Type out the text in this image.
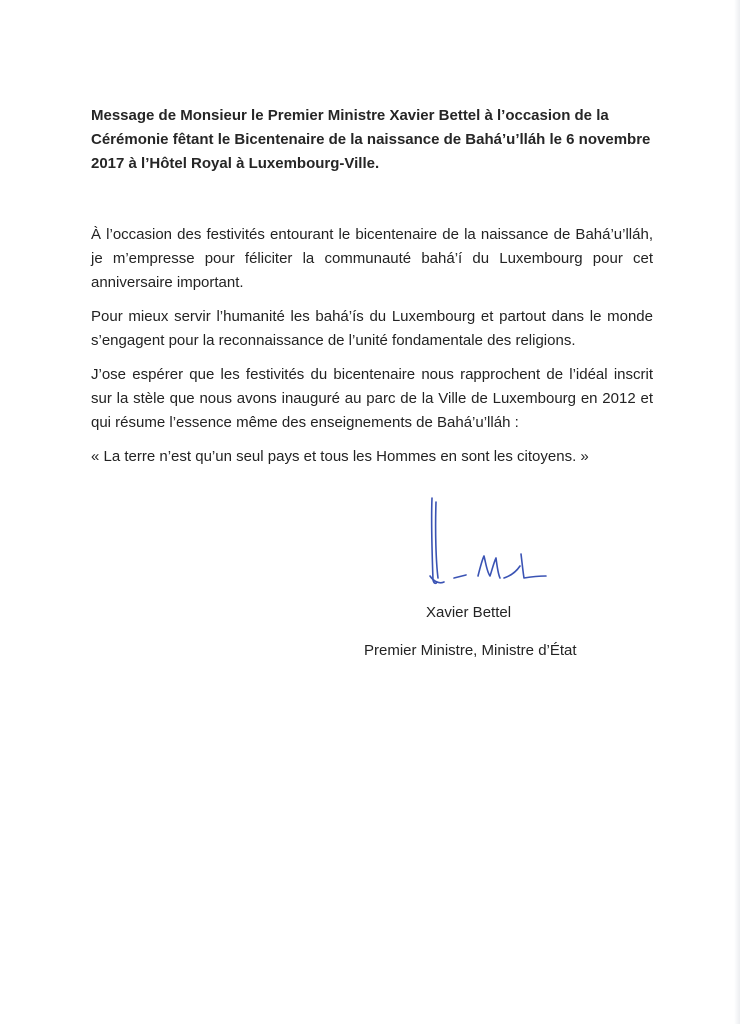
Message de Monsieur le Premier Ministre Xavier Bettel à l’occasion de la Cérémonie fêtant le Bicentenaire de la naissance de Bahá’u’lláh le 6 novembre 2017 à l’Hôtel Royal à Luxembourg-Ville.

À l’occasion des festivités entourant le bicentenaire de la naissance de Bahá’u’lláh, je m’empresse pour féliciter la communauté bahá’í du Luxembourg pour cet anniversaire important.

Pour mieux servir l’humanité les bahá’ís du Luxembourg et partout dans le monde s’engagent pour la reconnaissance de l’unité fondamentale des religions.

J’ose espérer que les festivités du bicentenaire nous rapprochent de l’idéal inscrit sur la stèle que nous avons inauguré au parc de la Ville de Luxembourg en 2012 et qui résume l’essence même des enseignements de Bahá’u’lláh :

« La terre n’est qu’un seul pays et tous les Hommes en sont les citoyens. »

Xavier Bettel
Premier Ministre, Ministre d’État
